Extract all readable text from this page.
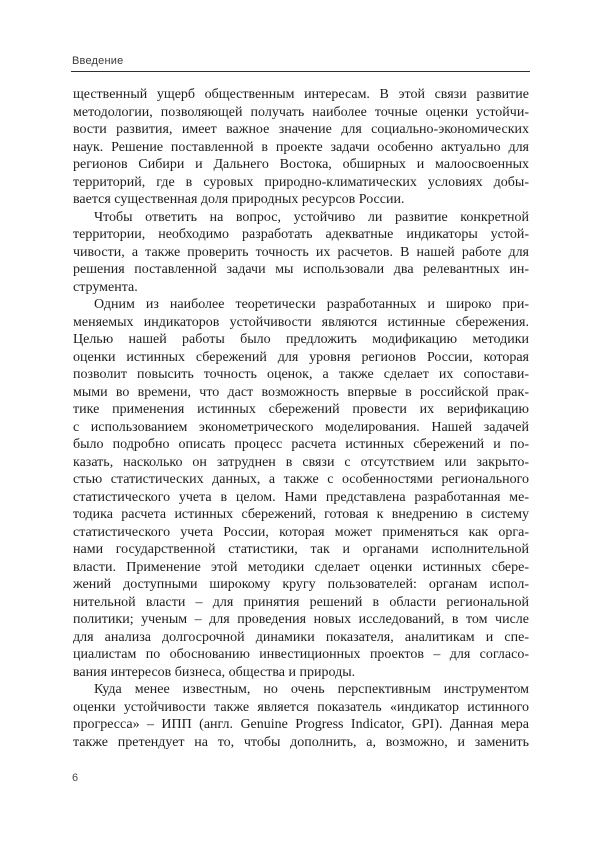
Введение
щественный ущерб общественным интересам. В этой связи развитие
методологии, позволяющей получать наиболее точные оценки устойчи-
вости развития, имеет важное значение для социально-экономических
наук. Решение поставленной в проекте задачи особенно актуально для
регионов Сибири и Дальнего Востока, обширных и малоосвоенных
территорий, где в суровых природно-климатических условиях добы-
вается существенная доля природных ресурсов России.
Чтобы ответить на вопрос, устойчиво ли развитие конкретной
территории, необходимо разработать адекватные индикаторы устой-
чивости, а также проверить точность их расчетов. В нашей работе для
решения поставленной задачи мы использовали два релевантных ин-
струмента.
Одним из наиболее теоретически разработанных и широко при-
меняемых индикаторов устойчивости являются истинные сбережения.
Целью нашей работы было предложить модификацию методики
оценки истинных сбережений для уровня регионов России, которая
позволит повысить точность оценок, а также сделает их сопостави-
мыми во времени, что даст возможность впервые в российской прак-
тике применения истинных сбережений провести их верификацию
с использованием эконометрического моделирования. Нашей задачей
было подробно описать процесс расчета истинных сбережений и по-
казать, насколько он затруднен в связи с отсутствием или закрыто-
стью статистических данных, а также с особенностями регионального
статистического учета в целом. Нами представлена разработанная ме-
тодика расчета истинных сбережений, готовая к внедрению в систему
статистического учета России, которая может применяться как орга-
нами государственной статистики, так и органами исполнительной
власти. Применение этой методики сделает оценки истинных сбере-
жений доступными широкому кругу пользователей: органам испол-
нительной власти – для принятия решений в области региональной
политики; ученым – для проведения новых исследований, в том числе
для анализа долгосрочной динамики показателя, аналитикам и спе-
циалистам по обоснованию инвестиционных проектов – для согласо-
вания интересов бизнеса, общества и природы.
Куда менее известным, но очень перспективным инструментом
оценки устойчивости также является показатель «индикатор истинного
прогресса» – ИПП (англ. Genuine Progress Indicator, GPI). Данная мера
также претендует на то, чтобы дополнить, а, возможно, и заменить
6
